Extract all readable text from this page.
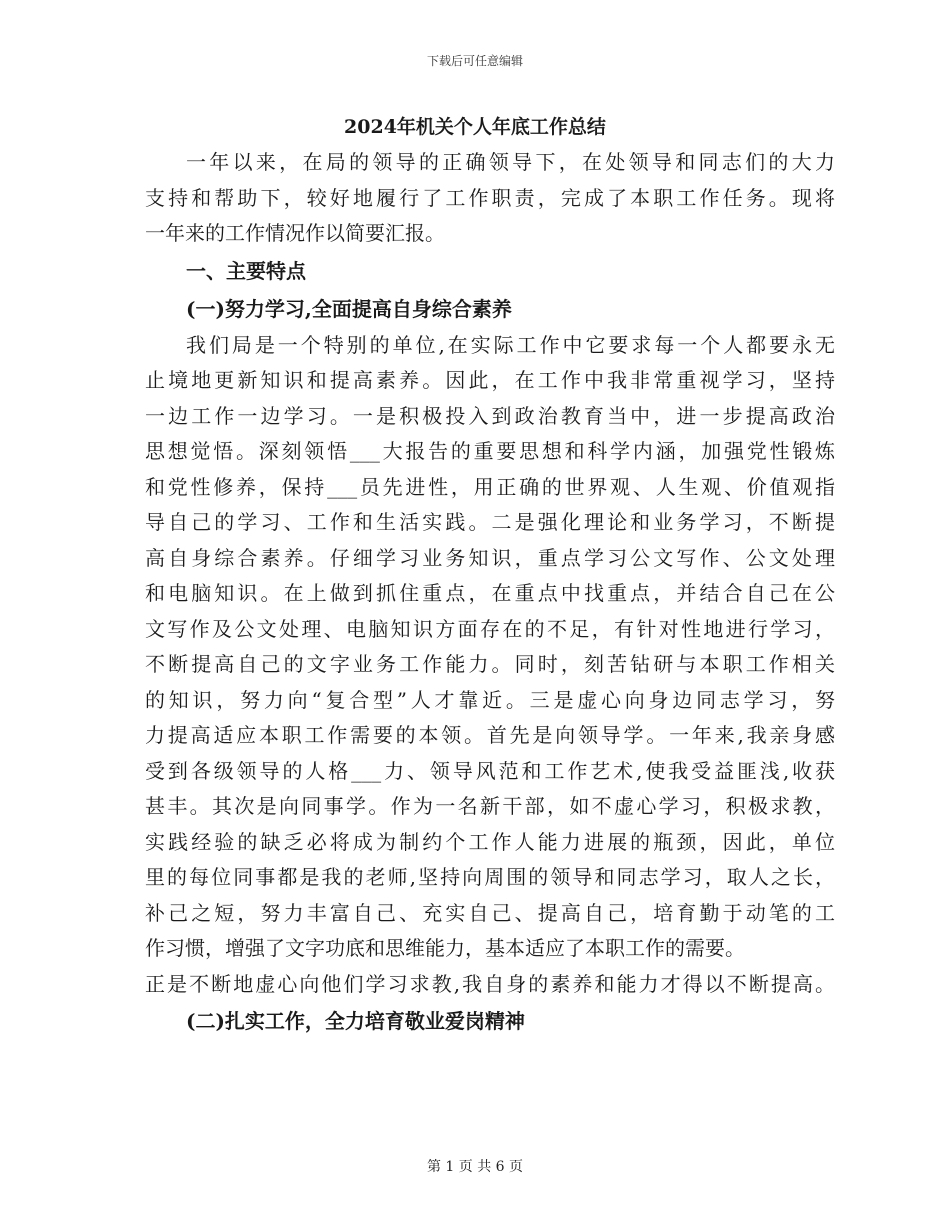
下载后可任意编辑
2024年机关个人年底工作总结
一年以来，在局的领导的正确领导下，在处领导和同志们的大力
支持和帮助下，较好地履行了工作职责，完成了本职工作任务。现将
一年来的工作情况作以简要汇报。
一、主要特点
(一)努力学习,全面提高自身综合素养
我们局是一个特别的单位,在实际工作中它要求每一个人都要永无
止境地更新知识和提高素养。因此，在工作中我非常重视学习，坚持
一边工作一边学习。一是积极投入到政治教育当中，进一步提高政治
思想觉悟。深刻领悟___大报告的重要思想和科学内涵，加强党性锻炼
和党性修养，保持___员先进性，用正确的世界观、人生观、价值观指
导自己的学习、工作和生活实践。二是强化理论和业务学习，不断提
高自身综合素养。仔细学习业务知识，重点学习公文写作、公文处理
和电脑知识。在上做到抓住重点，在重点中找重点，并结合自己在公
文写作及公文处理、电脑知识方面存在的不足，有针对性地进行学习，
不断提高自己的文字业务工作能力。同时，刻苦钻研与本职工作相关
的知识，努力向“复合型”人才靠近。三是虚心向身边同志学习，努
力提高适应本职工作需要的本领。首先是向领导学。一年来,我亲身感
受到各级领导的人格___力、领导风范和工作艺术,使我受益匪浅,收获
甚丰。其次是向同事学。作为一名新干部，如不虚心学习，积极求教，
实践经验的缺乏必将成为制约个工作人能力进展的瓶颈，因此，单位
里的每位同事都是我的老师,坚持向周围的领导和同志学习，取人之长，
补己之短，努力丰富自己、充实自己、提高自己，培育勤于动笔的工
作习惯，增强了文字功底和思维能力，基本适应了本职工作的需要。
正是不断地虚心向他们学习求教,我自身的素养和能力才得以不断提高。
(二)扎实工作，全力培育敬业爱岗精神
第 1 页 共 6 页
